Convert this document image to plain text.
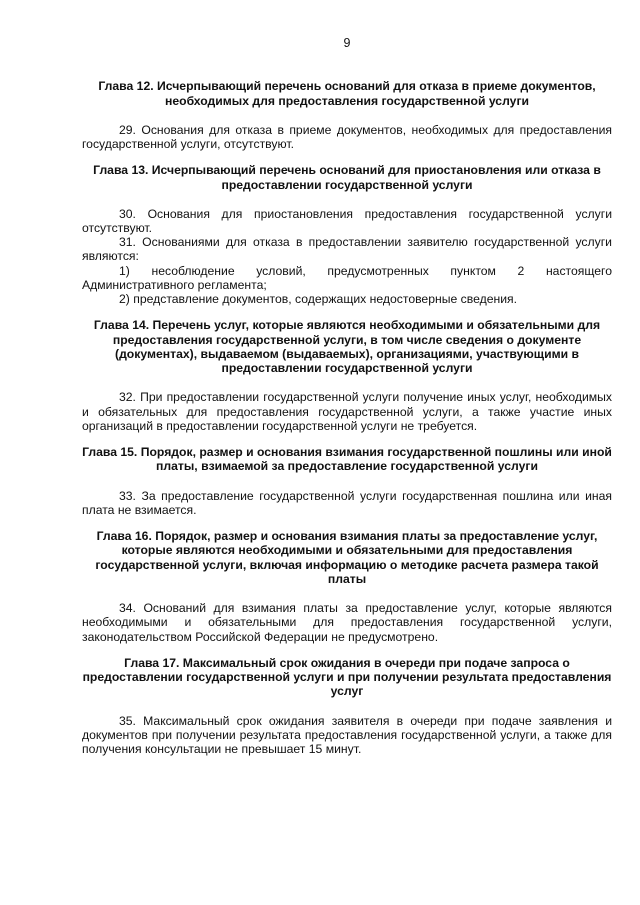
9
Глава 12. Исчерпывающий перечень оснований для отказа в приеме документов, необходимых для предоставления государственной услуги

29. Основания для отказа в приеме документов, необходимых для предоставления государственной услуги, отсутствуют.

Глава 13. Исчерпывающий перечень оснований для приостановления или отказа в предоставлении государственной услуги

30. Основания для приостановления предоставления государственной услуги отсутствуют.

31. Основаниями для отказа в предоставлении заявителю государственной услуги являются:

1) несоблюдение условий, предусмотренных пунктом 2 настоящего Административного регламента;

2) представление документов, содержащих недостоверные сведения.

Глава 14. Перечень услуг, которые являются необходимыми и обязательными для предоставления государственной услуги, в том числе сведения о документе (документах), выдаваемом (выдаваемых), организациями, участвующими в предоставлении государственной услуги

32. При предоставлении государственной услуги получение иных услуг, необходимых и обязательных для предоставления государственной услуги, а также участие иных организаций в предоставлении государственной услуги не требуется.

Глава 15. Порядок, размер и основания взимания государственной пошлины или иной платы, взимаемой за предоставление государственной услуги

33. За предоставление государственной услуги государственная пошлина или иная плата не взимается.

Глава 16. Порядок, размер и основания взимания платы за предоставление услуг, которые являются необходимыми и обязательными для предоставления государственной услуги, включая информацию о методике расчета размера такой платы

34. Оснований для взимания платы за предоставление услуг, которые являются необходимыми и обязательными для предоставления государственной услуги, законодательством Российской Федерации не предусмотрено.

Глава 17. Максимальный срок ожидания в очереди при подаче запроса о предоставлении государственной услуги и при получении результата предоставления услуг

35. Максимальный срок ожидания заявителя в очереди при подаче заявления и документов при получении результата предоставления государственной услуги, а также для получения консультации не превышает 15 минут.
